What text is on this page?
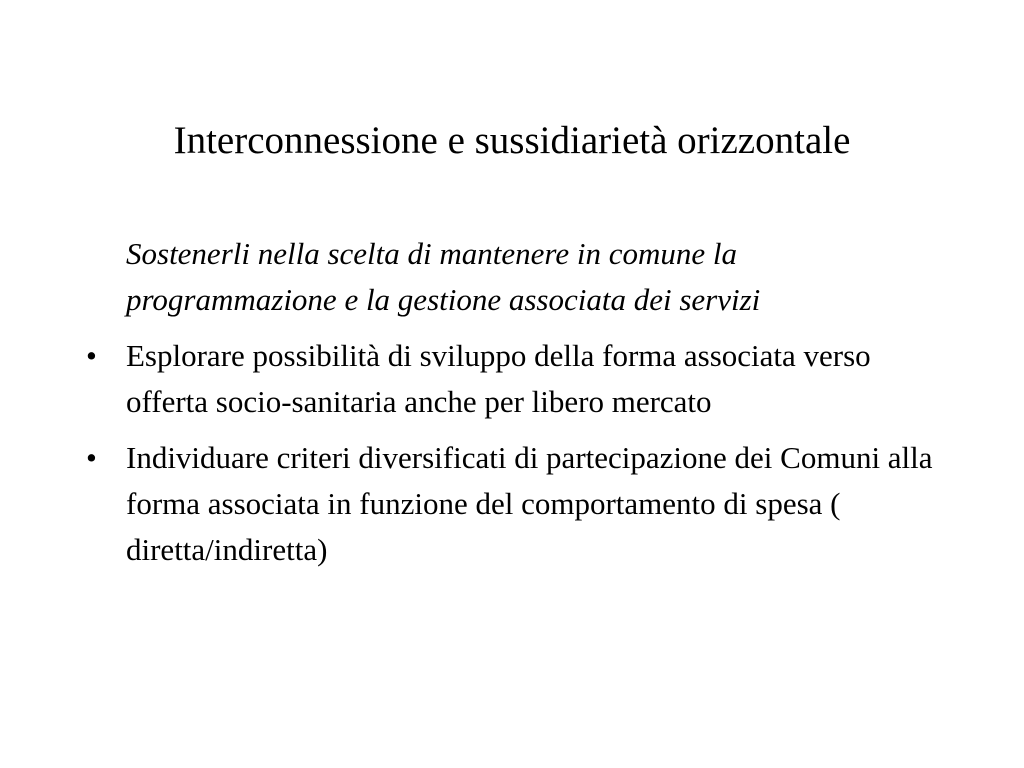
Interconnessione e sussidiarietà orizzontale
Sostenerli nella scelta di mantenere in comune la programmazione e la gestione associata dei servizi
• Esplorare possibilità di sviluppo della forma associata verso offerta socio-sanitaria anche per libero mercato
• Individuare criteri diversificati di partecipazione dei Comuni alla forma associata in funzione del comportamento di spesa ( diretta/indiretta)
